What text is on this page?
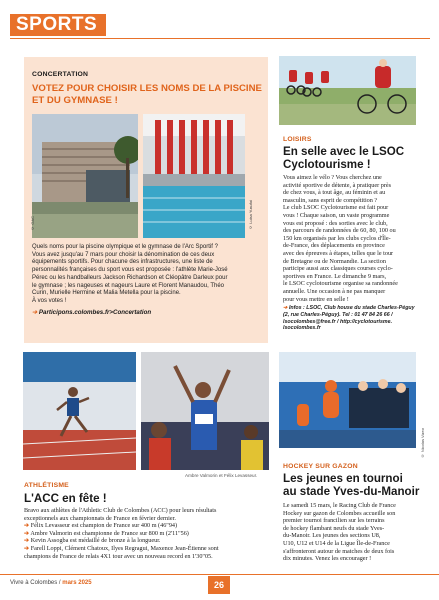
SPORTS
CONCERTATION
VOTEZ POUR CHOISIR LES NOMS DE LA PISCINE
ET DU GYMNASE !
© GAC	© Luisa Yusufai
Quels noms pour la piscine olympique et le gymnase de l'Arc Sportif ?
Vous avez jusqu'au 7 mars pour choisir la dénomination de ces deux
équipements sportifs. Pour chacune des infrastructures, une liste de
personnalités françaises du sport vous est proposée : l'athlète Marie-José
Pérec ou les handballeurs Jackson Richardson et Cléopâtre Darleux pour
le gymnase ; les nageuses et nageurs Laure et Florent Manaudou, Théo
Curin, Murielle Hermine et Malia Metella pour la piscine.
À vos votes !
➔ Participons.colombes.fr>Concertation
LOISIRS
En selle avec le LSOC
Cyclotourisme !
Vous aimez le vélo ? Vous cherchez une
activité sportive de détente, à pratiquer près
de chez vous, à tout âge, au féminin et au
masculin, sans esprit de compétition ?
Le club LSOC Cyclotourisme est fait pour
vous ! Chaque saison, un vaste programme
vous est proposé : des sorties avec le club,
des parcours de randonnées de 60, 80, 100 ou
150 km organisés par les clubs cyclos d'Île-
de-France, des déplacements en province
avec des épreuves à étapes, telles que le tour
de Bretagne ou de Normandie. La section
participe aussi aux classiques courses cyclo-
sportives en France. Le dimanche 9 mars,
le LSOC cyclotourisme organise sa randonnée
annuelle. Une occasion à ne pas manquer
pour vous mettre en selle !
➔ Infos : LSOC, Club house du stade Charles-Péguy
(2, rue Charles-Péguy). Tel : 01 47 84 26 66 /
lsocolombes@free.fr / http://cyclotourisme.
lsocolombes.fr
Ambre Valmorin et Félix Levasseur.
ATHLÉTISME
L'ACC en fête !
Bravo aux athlètes de l'Athletic Club de Colombes (ACC) pour leurs résultats
exceptionnels aux championnats de France en février dernier.
➔ Félix Levasseur est champion de France sur 400 m (46"94)
➔ Ambre Valmorin est championne de France sur 800 m (2'11"56)
➔ Kevin Assogba est médaillé de bronze à la longueur.
➔ Farell Loppi, Clément Chatoux, Ilyes Regragui, Maxence Jean-Étienne sont
champions de France de relais 4X1 tour avec un nouveau record en 1'30"05.
© Nicolas Vizeo
HOCKEY SUR GAZON
Les jeunes en tournoi
au stade Yves-du-Manoir
Le samedi 15 mars, le Racing Club de France
Hockey sur gazon de Colombes accueille son
premier tournoi francilien sur les terrains
de hockey flambant neufs du stade Yves-
du-Manoir. Les jeunes des sections U8,
U10, U12 et U14 de la Ligue Île-de-France
s'affronteront autour de matches de deux fois
dix minutes. Venez les encourager !
Vivre à Colombes / mars 2025	26
